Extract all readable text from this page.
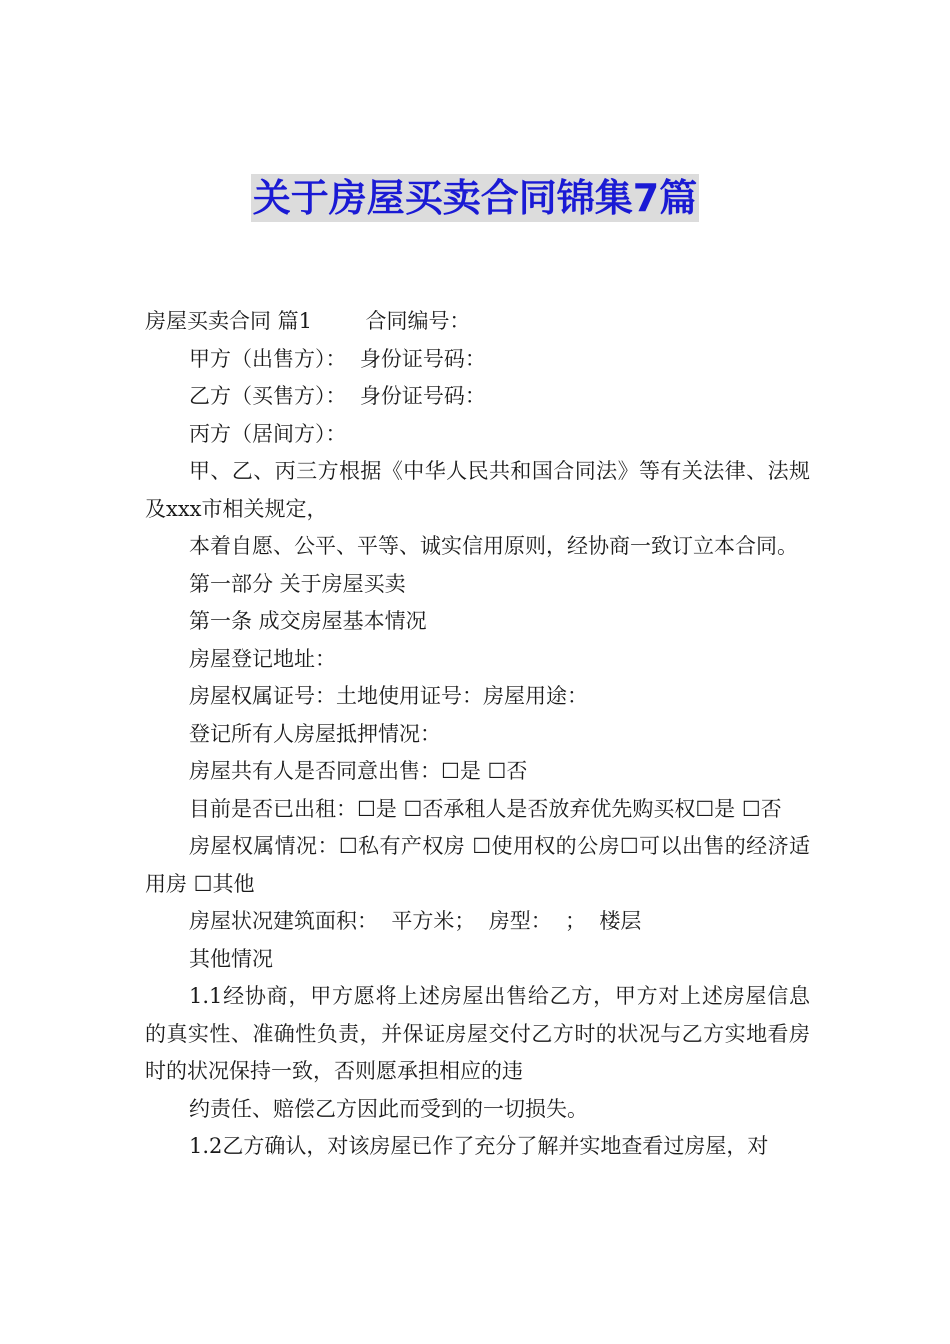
关于房屋买卖合同锦集7篇

房屋买卖合同 篇1        合同编号：

甲方（出售方）：  身份证号码：

乙方（买售方）：  身份证号码：

丙方（居间方）：

甲、乙、丙三方根据《中华人民共和国合同法》等有关法律、法规及xxx市相关规定，

本着自愿、公平、平等、诚实信用原则，经协商一致订立本合同。

第一部分 关于房屋买卖

第一条 成交房屋基本情况

房屋登记地址：

房屋权属证号：土地使用证号：房屋用途：

登记所有人房屋抵押情况：

房屋共有人是否同意出售：☐是 ☐否

目前是否已出租：☐是 ☐否承租人是否放弃优先购买权☐是 ☐否

房屋权属情况：☐私有产权房 ☐使用权的公房☐可以出售的经济适用房 ☐其他

房屋状况建筑面积：  平方米；  房型：  ；  楼层

其他情况

1.1经协商，甲方愿将上述房屋出售给乙方，甲方对上述房屋信息的真实性、准确性负责，并保证房屋交付乙方时的状况与乙方实地看房时的状况保持一致，否则愿承担相应的违

约责任、赔偿乙方因此而受到的一切损失。

1.2乙方确认，对该房屋已作了充分了解并实地查看过房屋，对
